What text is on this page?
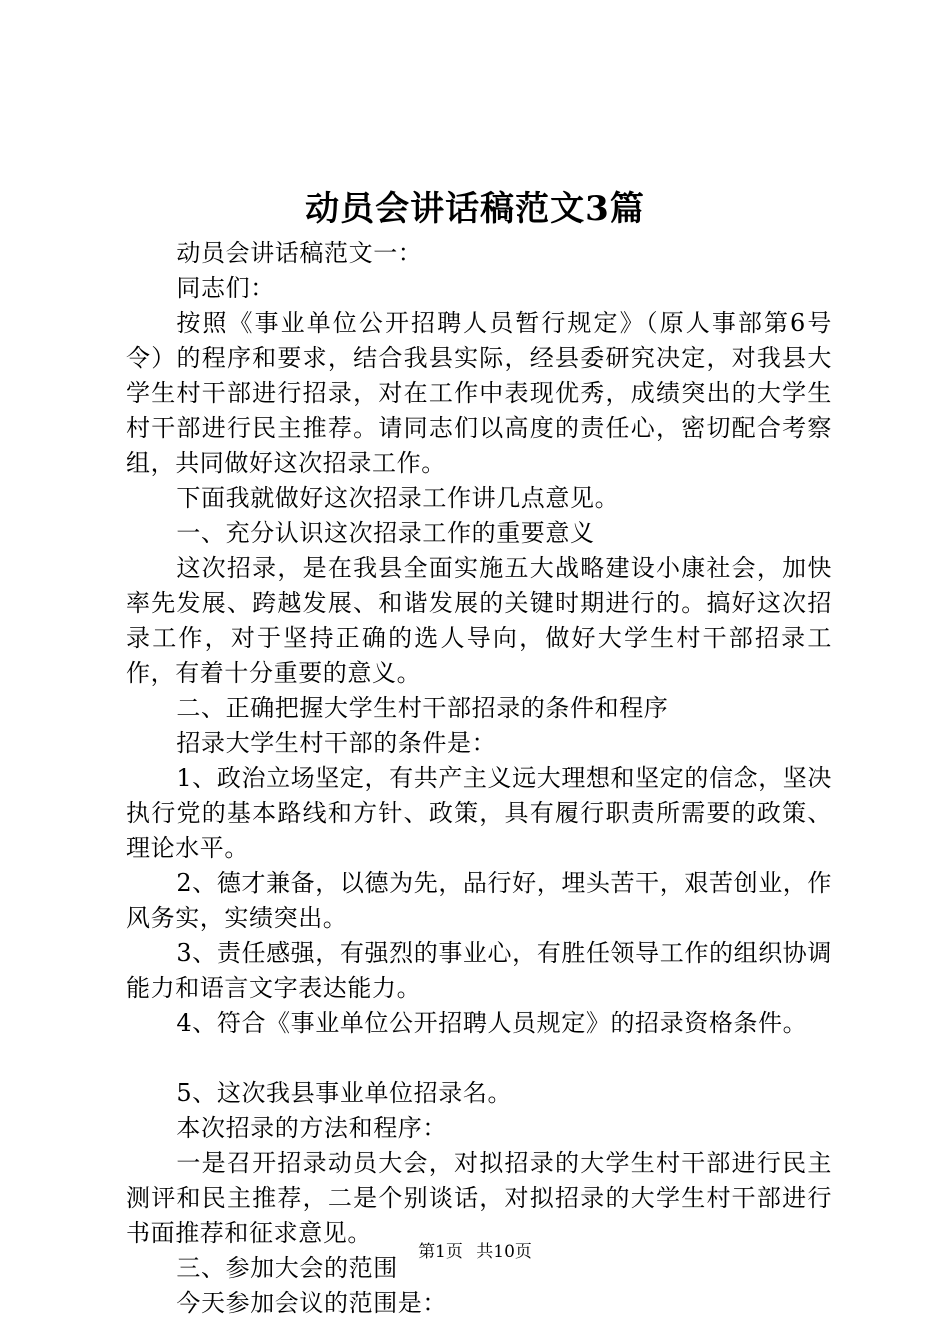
动员会讲话稿范文3篇

动员会讲话稿范文一：

同志们：

按照《事业单位公开招聘人员暂行规定》（原人事部第6号令）的程序和要求，结合我县实际，经县委研究决定，对我县大学生村干部进行招录，对在工作中表现优秀，成绩突出的大学生村干部进行民主推荐。请同志们以高度的责任心，密切配合考察组，共同做好这次招录工作。

下面我就做好这次招录工作讲几点意见。

一、充分认识这次招录工作的重要意义

这次招录，是在我县全面实施五大战略建设小康社会，加快率先发展、跨越发展、和谐发展的关键时期进行的。搞好这次招录工作，对于坚持正确的选人导向，做好大学生村干部招录工作，有着十分重要的意义。

二、正确把握大学生村干部招录的条件和程序

招录大学生村干部的条件是：

1、政治立场坚定，有共产主义远大理想和坚定的信念，坚决执行党的基本路线和方针、政策，具有履行职责所需要的政策、理论水平。

2、德才兼备，以德为先，品行好，埋头苦干，艰苦创业，作风务实，实绩突出。

3、责任感强，有强烈的事业心，有胜任领导工作的组织协调能力和语言文字表达能力。

4、符合《事业单位公开招聘人员规定》的招录资格条件。

5、这次我县事业单位招录名。

本次招录的方法和程序：

一是召开招录动员大会，对拟招录的大学生村干部进行民主测评和民主推荐，二是个别谈话，对拟招录的大学生村干部进行书面推荐和征求意见。

三、参加大会的范围

今天参加会议的范围是：

第1页 共10页
